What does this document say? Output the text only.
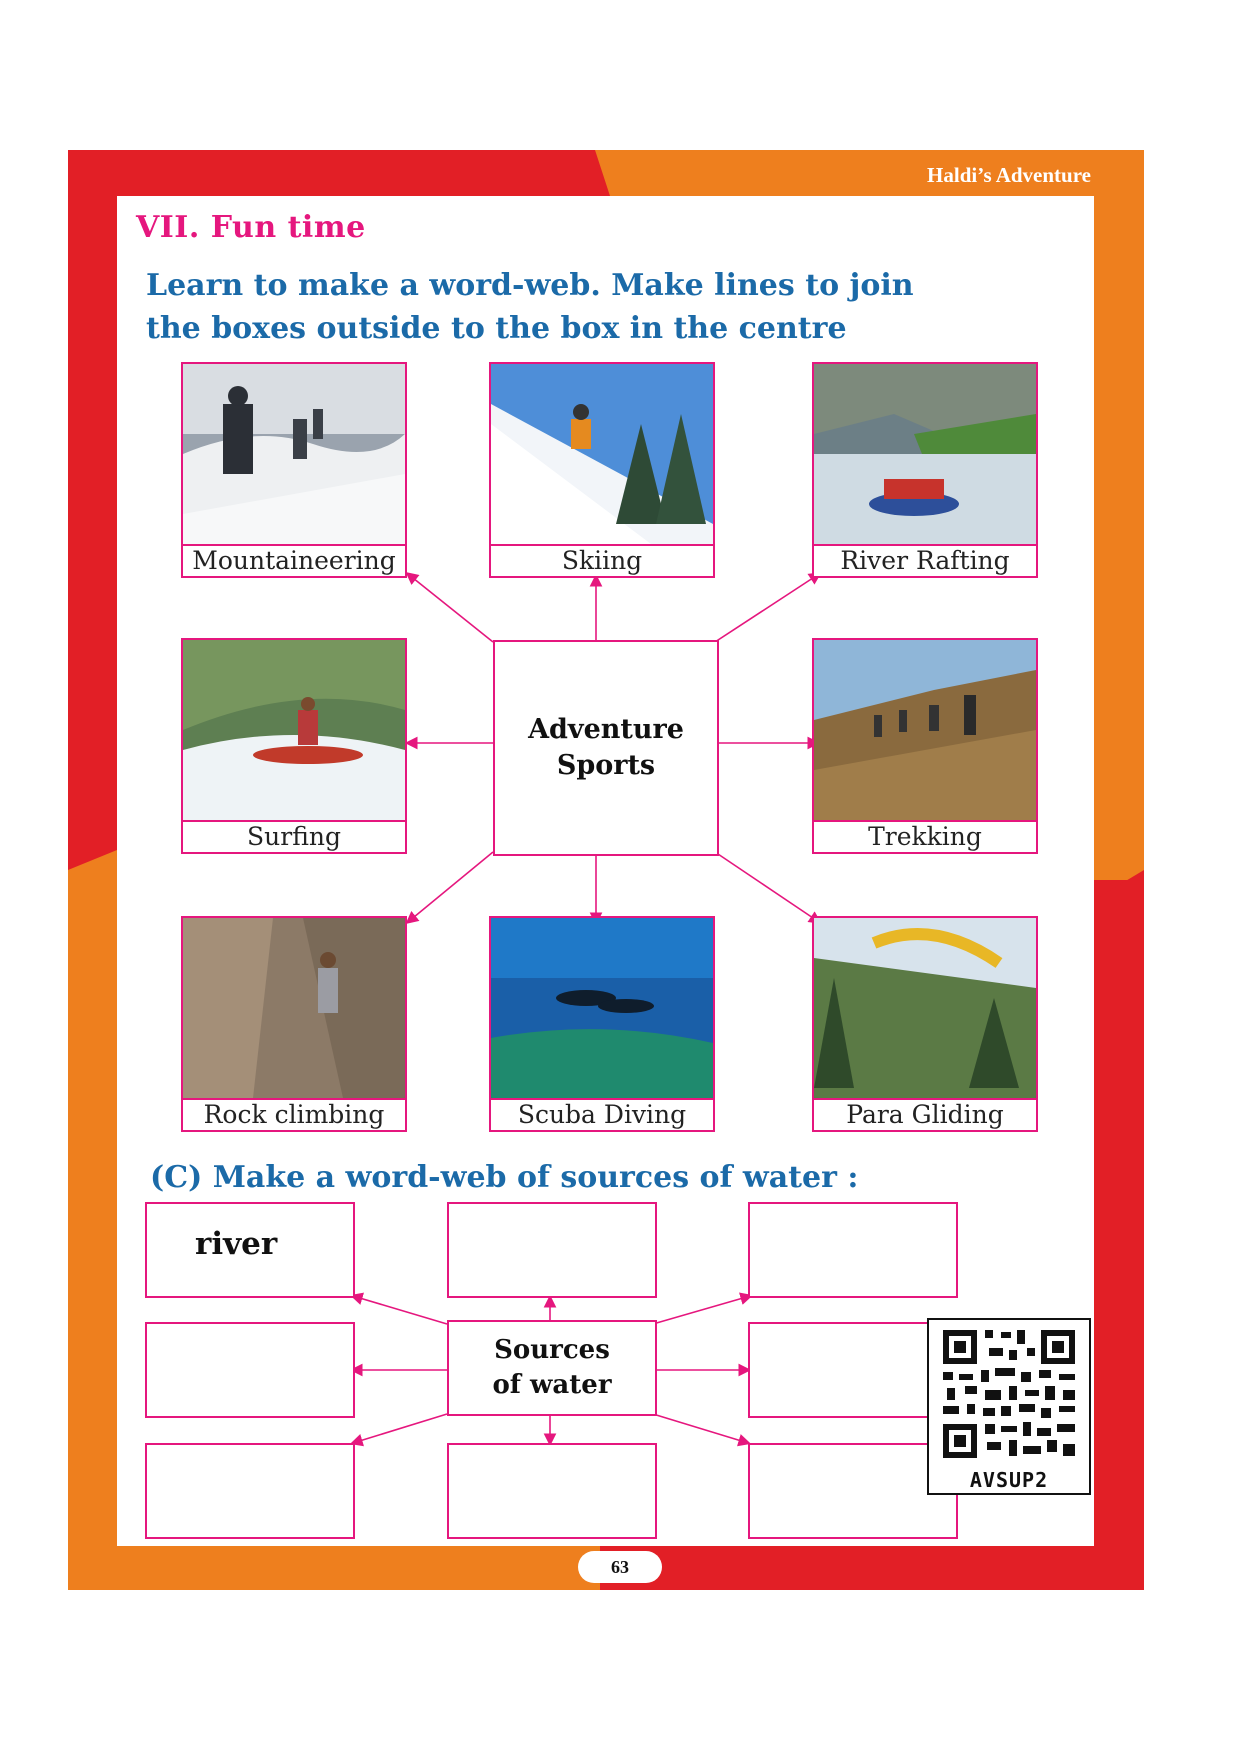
Haldi’s Adventure
VII. Fun time
Learn to make a word-web. Make lines to join
the boxes outside to the box in the centre
Mountaineering	Skiing	River Rafting
Surfing
Adventure
Sports
Trekking
Rock climbing	Scuba Diving	Para Gliding
(C) Make a word-web of sources of water :
river
Sources
of water
AVSUP2
63
